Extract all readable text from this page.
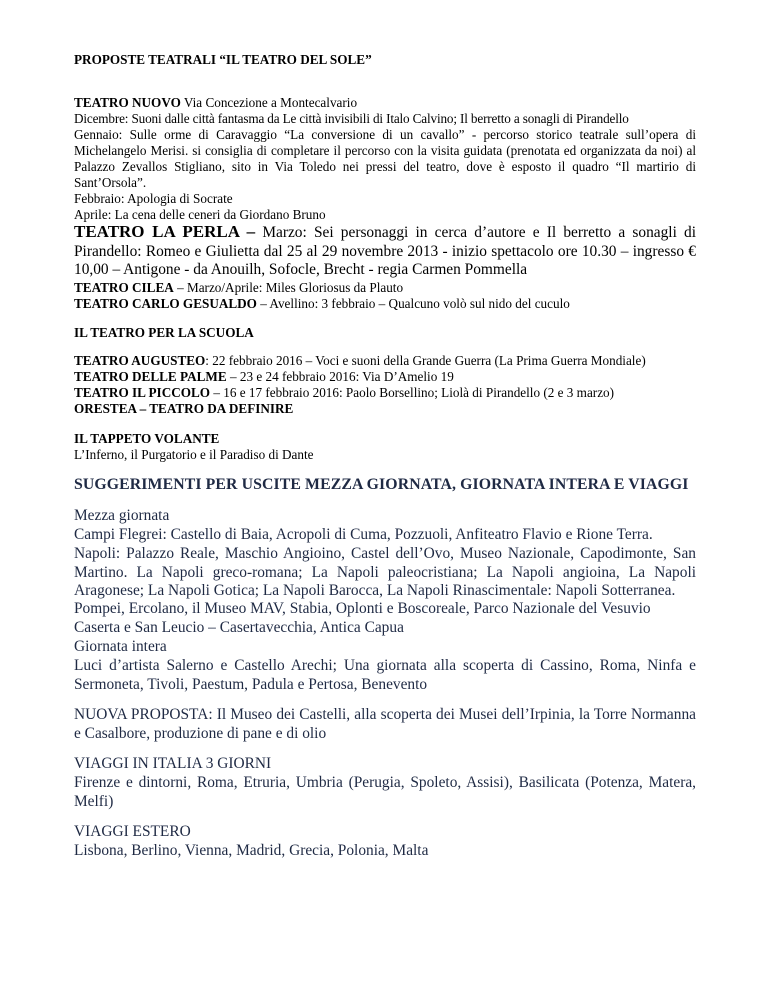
PROPOSTE TEATRALI “IL TEATRO DEL SOLE”
TEATRO NUOVO Via Concezione a Montecalvario
Dicembre: Suoni dalle città fantasma da Le città invisibili di Italo Calvino; Il berretto a sonagli di Pirandello
Gennaio: Sulle orme di Caravaggio “La conversione di un cavallo” - percorso storico teatrale sull’opera di Michelangelo Merisi. si consiglia di completare il percorso con la visita guidata (prenotata ed organizzata da noi) al Palazzo Zevallos Stigliano, sito in Via Toledo nei pressi del teatro, dove è esposto il quadro “Il martirio di Sant’Orsola”.
Febbraio: Apologia di Socrate
Aprile: La cena delle ceneri da Giordano Bruno
TEATRO LA PERLA – Marzo: Sei personaggi in cerca d’autore e Il berretto a sonagli di Pirandello: Romeo e Giulietta dal 25 al 29 novembre 2013 - inizio spettacolo ore 10.30 – ingresso € 10,00 – Antigone - da Anouilh, Sofocle, Brecht - regia Carmen Pommella
TEATRO CILEA – Marzo/Aprile: Miles Gloriosus da Plauto
TEATRO CARLO GESUALDO – Avellino: 3 febbraio – Qualcuno volò sul nido del cuculo
IL TEATRO PER LA SCUOLA
TEATRO AUGUSTEO: 22 febbraio 2016 – Voci e suoni della Grande Guerra (La Prima Guerra Mondiale)
TEATRO DELLE PALME – 23 e 24 febbraio 2016: Via D’Amelio 19
TEATRO IL PICCOLO – 16 e 17 febbraio 2016: Paolo Borsellino; Liolà di Pirandello (2 e 3 marzo)
ORESTEA – TEATRO DA DEFINIRE
IL TAPPETO VOLANTE
L’Inferno, il Purgatorio e il Paradiso di Dante
SUGGERIMENTI PER USCITE MEZZA GIORNATA, GIORNATA INTERA E VIAGGI
Mezza giornata
Campi Flegrei: Castello di Baia, Acropoli di Cuma, Pozzuoli, Anfiteatro Flavio e Rione Terra.
Napoli: Palazzo Reale, Maschio Angioino, Castel dell’Ovo, Museo Nazionale, Capodimonte, San Martino. La Napoli greco-romana; La Napoli paleocristiana; La Napoli angioina, La Napoli Aragonese; La Napoli Gotica; La Napoli Barocca, La Napoli Rinascimentale: Napoli Sotterranea.
Pompei, Ercolano, il Museo MAV, Stabia, Oplonti e Boscoreale, Parco Nazionale del Vesuvio
Caserta e San Leucio – Casertavecchia, Antica Capua
Giornata intera
Luci d’artista Salerno e Castello Arechi; Una giornata alla scoperta di Cassino, Roma, Ninfa e Sermoneta, Tivoli, Paestum, Padula e Pertosa, Benevento
NUOVA PROPOSTA: Il Museo dei Castelli, alla scoperta dei Musei dell’Irpinia, la Torre Normanna e Casalbore, produzione di pane e di olio
VIAGGI IN ITALIA 3 GIORNI
Firenze e dintorni, Roma, Etruria, Umbria (Perugia, Spoleto, Assisi), Basilicata (Potenza, Matera, Melfi)
VIAGGI ESTERO
Lisbona, Berlino, Vienna, Madrid, Grecia, Polonia, Malta
